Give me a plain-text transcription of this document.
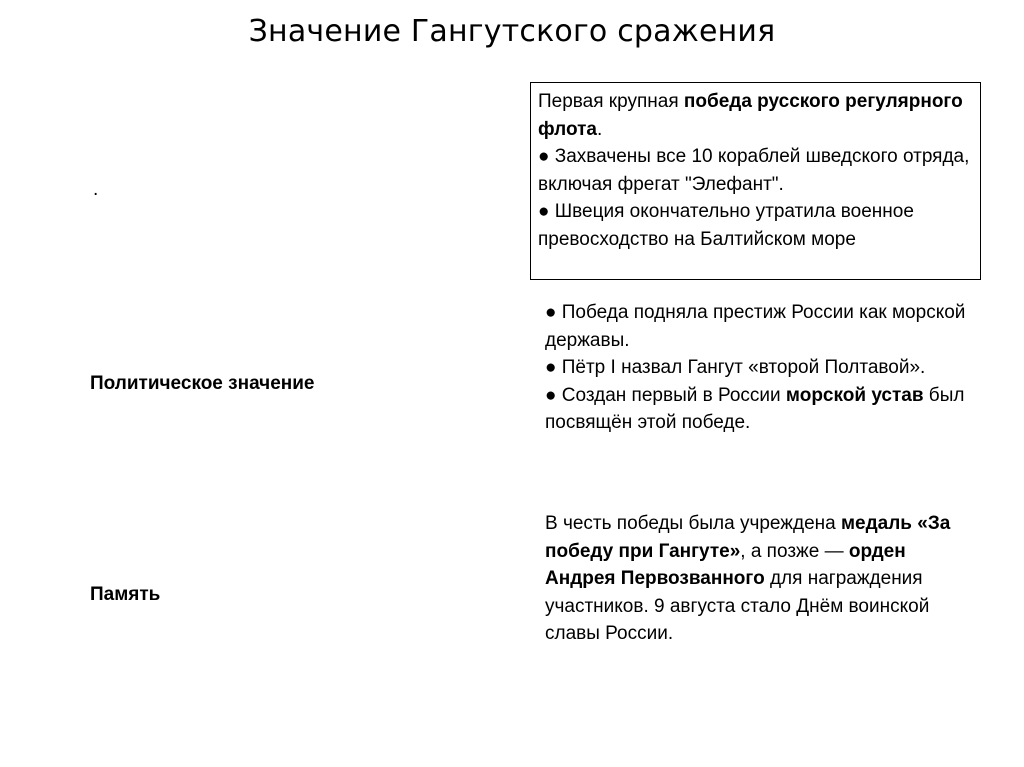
Значение Гангутского сражения
.
Политическое значение
Память

Первая крупная победа русского регулярного флота.

● Захвачены все 10 кораблей шведского отряда, включая фрегат "Элефант".

● Швеция окончательно утратила военное превосходство на Балтийском море

● Победа подняла престиж России как морской державы.

● Пётр I назвал Гангут «второй Полтавой».

● Создан первый в России морской устав был посвящён этой победе.

В честь победы была учреждена медаль «За победу при Гангуте», а позже — орден Андрея Первозванного для награждения участников. 9 августа стало Днём воинской славы России.
